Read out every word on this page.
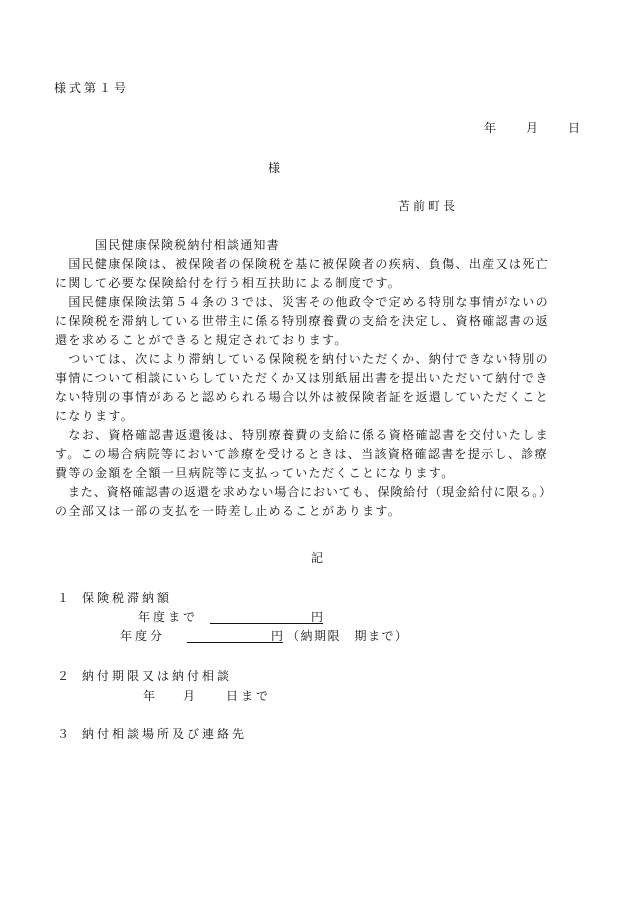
様式第１号
年 月 日
様
苫前町長
国民健康保険税納付相談通知書
　国民健康保険は、被保険者の保険税を基に被保険者の疾病、負傷、出産又は死亡
に関して必要な保険給付を行う相互扶助による制度です。
　国民健康保険法第５４条の３では、災害その他政令で定める特別な事情がないの
に保険税を滞納している世帯主に係る特別療養費の支給を決定し、資格確認書の返
還を求めることができると規定されております。
　ついては、次により滞納している保険税を納付いただくか、納付できない特別の
事情について相談にいらしていただくか又は別紙届出書を提出いただいて納付でき
ない特別の事情があると認められる場合以外は被保険者証を返還していただくこと
になります。
　なお、資格確認書返還後は、特別療養費の支給に係る資格確認書を交付いたしま
す。この場合病院等において診療を受けるときは、当該資格確認書を提示し、診療
費等の金額を全額一旦病院等に支払っていただくことになります。
　また、資格確認書の返還を求めない場合においても、保険給付（現金給付に限る。）
の全部又は一部の支払を一時差し止めることがあります。
記
１ 保険税滞納額
年度まで	円
年度分	円 （納期限　期まで）
２ 納付期限又は納付相談
年 月	日まで
３ 納付相談場所及び連絡先
